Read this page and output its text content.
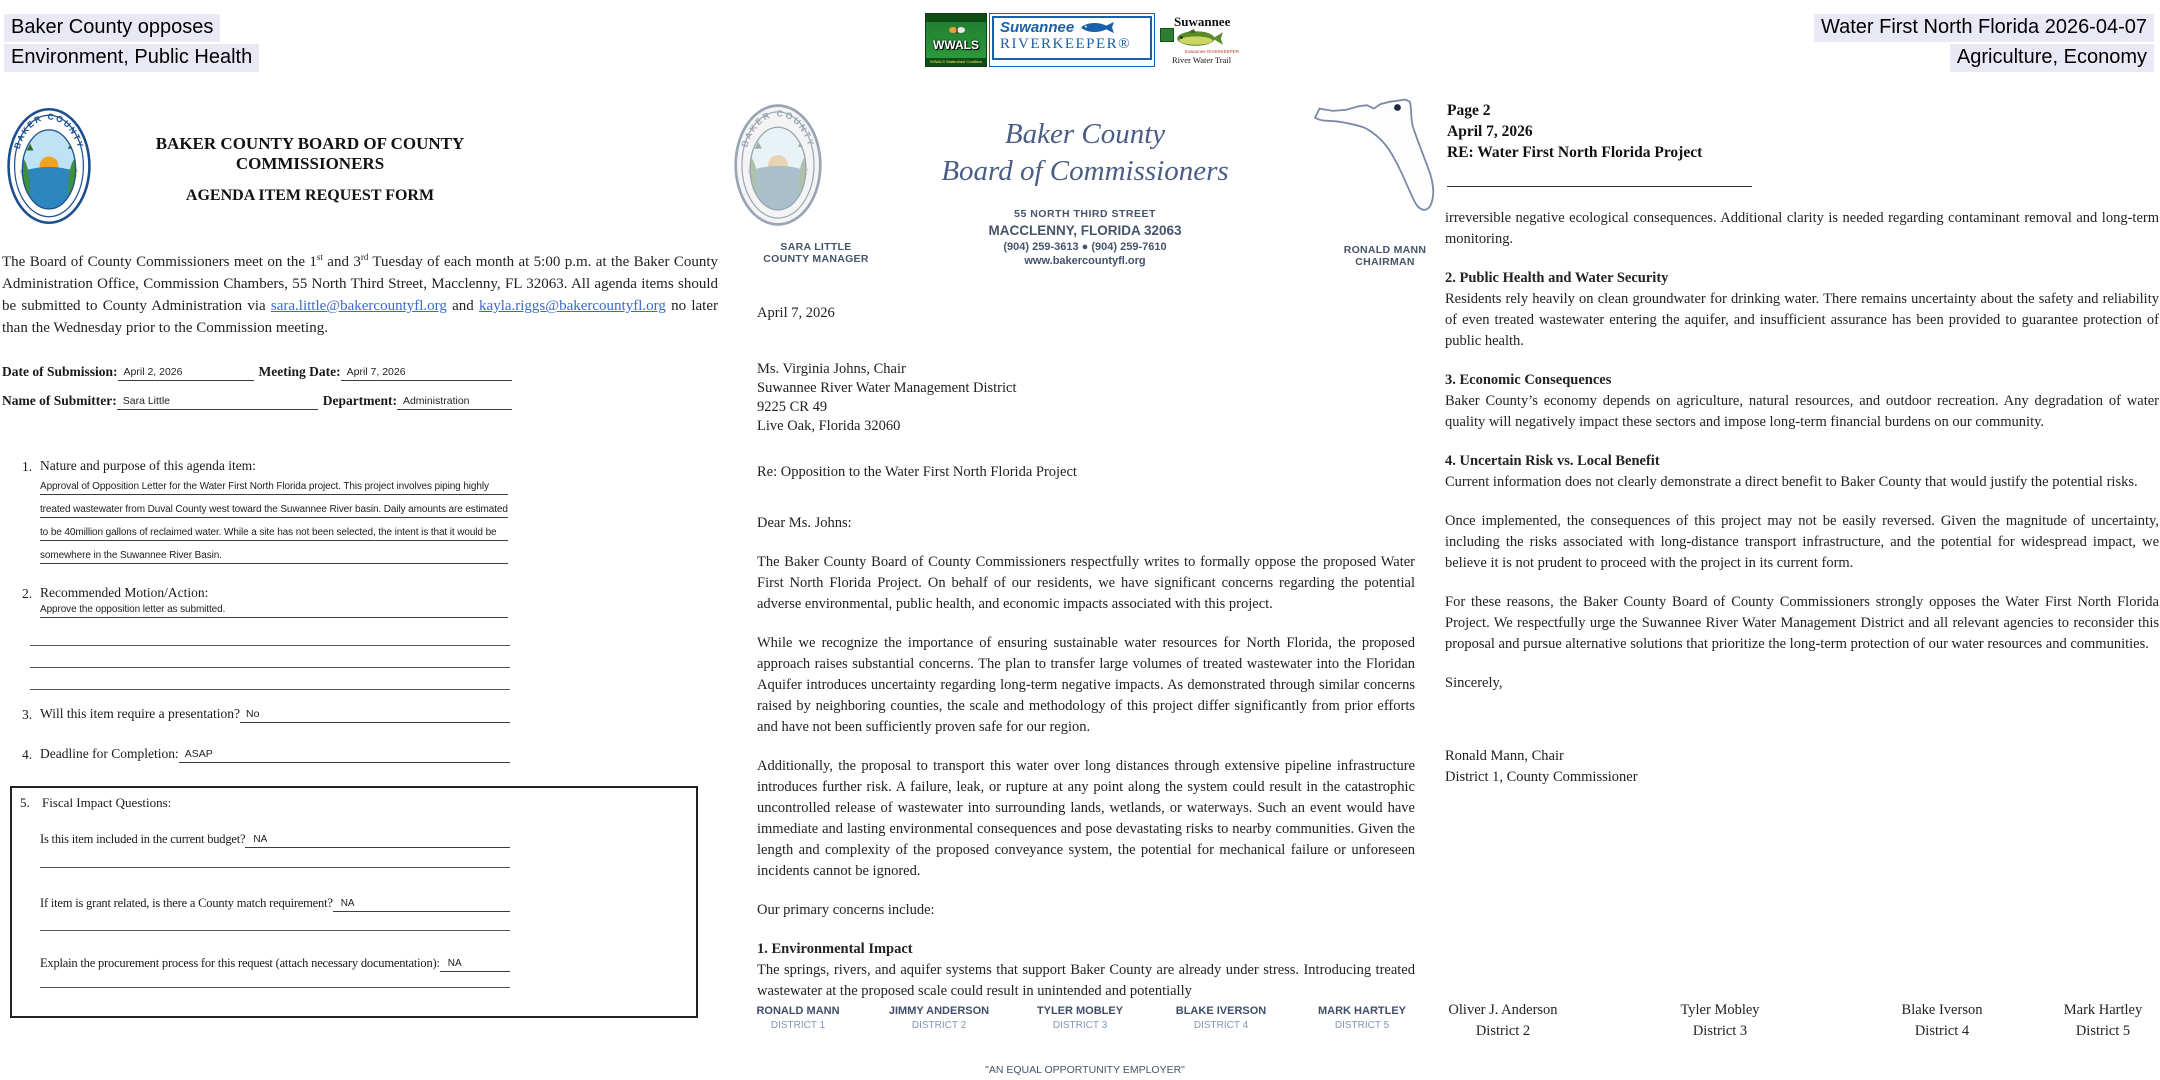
Baker County opposes
Environment, Public Health
Water First North Florida 2026-04-07
Agriculture, Economy
WWALS
WWALS Watershed Coalition
Suwannee
RIVERKEEPER®
Suwannee
Suwannee RIVERKEEPER
River Water Trail
BAKER COUNTY BOARD OF COUNTY COMMISSIONERS
AGENDA ITEM REQUEST FORM
The Board of County Commissioners meet on the 1st and 3rd Tuesday of each month at 5:00 p.m. at the Baker County Administration Office, Commission Chambers, 55 North Third Street, Macclenny, FL 32063. All agenda items should be submitted to County Administration via sara.little@bakercountyfl.org and kayla.riggs@bakercountyfl.org no later than the Wednesday prior to the Commission meeting.
Date of Submission: April 2, 2026	Meeting Date: April 7, 2026
Name of Submitter: Sara Little	Department: Administration
1. Nature and purpose of this agenda item:
Approval of Opposition Letter for the Water First North Florida project. This project involves piping highly
treated wastewater from Duval County west toward the Suwannee River basin. Daily amounts are estimated
to be 40million gallons of reclaimed water. While a site has not been selected, the intent is that it would be
somewhere in the Suwannee River Basin.
2. Recommended Motion/Action:
Approve the opposition letter as submitted.
3. Will this item require a presentation? No
4. Deadline for Completion: ASAP
5. Fiscal Impact Questions:
Is this item included in the current budget? NA
If item is grant related, is there a County match requirement? NA
Explain the procurement process for this request (attach necessary documentation): NA
SARA LITTLE
COUNTY MANAGER
Baker County
Board of Commissioners
55 NORTH THIRD STREET
MACCLENNY, FLORIDA 32063
(904) 259-3613 ● (904) 259-7610
www.bakercountyfl.org
RONALD MANN
CHAIRMAN
April 7, 2026
Ms. Virginia Johns, Chair
Suwannee River Water Management District
9225 CR 49
Live Oak, Florida 32060
Re: Opposition to the Water First North Florida Project
Dear Ms. Johns:

The Baker County Board of County Commissioners respectfully writes to formally oppose the proposed Water First North Florida Project. On behalf of our residents, we have significant concerns regarding the potential adverse environmental, public health, and economic impacts associated with this project.

While we recognize the importance of ensuring sustainable water resources for North Florida, the proposed approach raises substantial concerns. The plan to transfer large volumes of treated wastewater into the Floridan Aquifer introduces uncertainty regarding long-term negative impacts. As demonstrated through similar concerns raised by neighboring counties, the scale and methodology of this project differ significantly from prior efforts and have not been sufficiently proven safe for our region.

Additionally, the proposal to transport this water over long distances through extensive pipeline infrastructure introduces further risk. A failure, leak, or rupture at any point along the system could result in the catastrophic uncontrolled release of wastewater into surrounding lands, wetlands, or waterways. Such an event would have immediate and lasting environmental consequences and pose devastating risks to nearby communities. Given the length and complexity of the proposed conveyance system, the potential for mechanical failure or unforeseen incidents cannot be ignored.

Our primary concerns include:

1. Environmental Impact

The springs, rivers, and aquifer systems that support Baker County are already under stress. Introducing treated wastewater at the proposed scale could result in unintended and potentially

RONALD MANN
DISTRICT 1
JIMMY ANDERSON
DISTRICT 2
TYLER MOBLEY
DISTRICT 3
BLAKE IVERSON
DISTRICT 4
MARK HARTLEY
DISTRICT 5
"AN EQUAL OPPORTUNITY EMPLOYER"
Page 2
April 7, 2026
RE: Water First North Florida Project

irreversible negative ecological consequences. Additional clarity is needed regarding contaminant removal and long-term monitoring.

2. Public Health and Water Security

Residents rely heavily on clean groundwater for drinking water. There remains uncertainty about the safety and reliability of even treated wastewater entering the aquifer, and insufficient assurance has been provided to guarantee protection of public health.

3. Economic Consequences

Baker County’s economy depends on agriculture, natural resources, and outdoor recreation. Any degradation of water quality will negatively impact these sectors and impose long-term financial burdens on our community.

4. Uncertain Risk vs. Local Benefit

Current information does not clearly demonstrate a direct benefit to Baker County that would justify the potential risks.

Once implemented, the consequences of this project may not be easily reversed. Given the magnitude of uncertainty, including the risks associated with long-distance transport infrastructure, and the potential for widespread impact, we believe it is not prudent to proceed with the project in its current form.

For these reasons, the Baker County Board of County Commissioners strongly opposes the Water First North Florida Project. We respectfully urge the Suwannee River Water Management District and all relevant agencies to reconsider this proposal and pursue alternative solutions that prioritize the long-term protection of our water resources and communities.

Sincerely,
Ronald Mann, Chair
District 1, County Commissioner
Oliver J. Anderson
District 2
Tyler Mobley
District 3
Blake Iverson
District 4
Mark Hartley
District 5
